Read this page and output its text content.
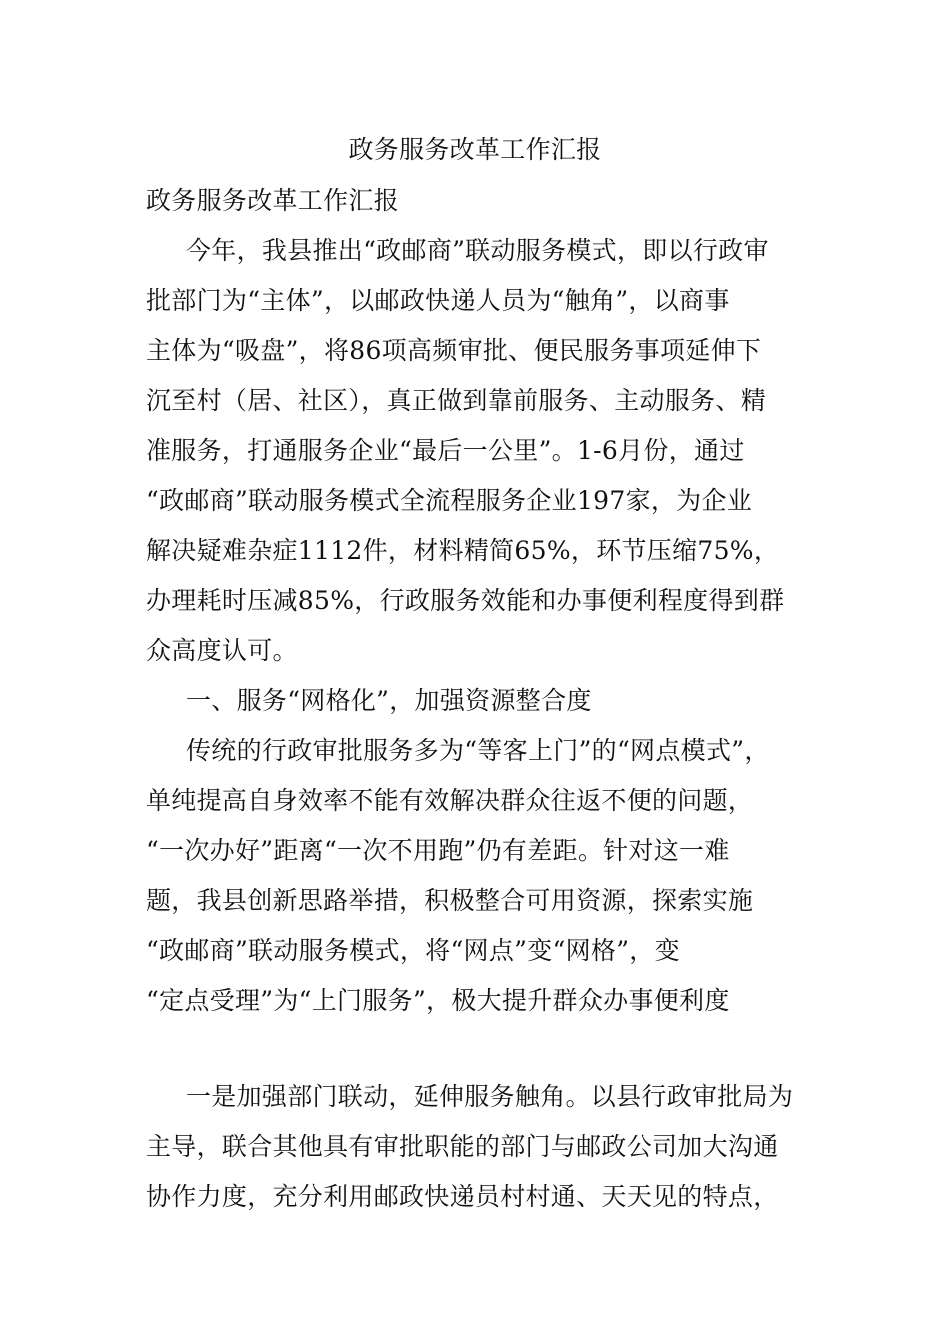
政务服务改革工作汇报
政务服务改革工作汇报
今年，我县推出“政邮商”联动服务模式，即以行政审
批部门为“主体”，以邮政快递人员为“触角”，以商事
主体为“吸盘”，将86项高频审批、便民服务事项延伸下
沉至村（居、社区），真正做到靠前服务、主动服务、精
准服务，打通服务企业“最后一公里”。1-6月份，通过
“政邮商”联动服务模式全流程服务企业197家，为企业
解决疑难杂症1112件，材料精简65%，环节压缩75%，
办理耗时压减85%，行政服务效能和办事便利程度得到群
众高度认可。
一、服务“网格化”，加强资源整合度
传统的行政审批服务多为“等客上门”的“网点模式”，
单纯提高自身效率不能有效解决群众往返不便的问题，
“一次办好”距离“一次不用跑”仍有差距。针对这一难
题，我县创新思路举措，积极整合可用资源，探索实施
“政邮商”联动服务模式，将“网点”变“网格”，变
“定点受理”为“上门服务”，极大提升群众办事便利度
一是加强部门联动，延伸服务触角。以县行政审批局为
主导，联合其他具有审批职能的部门与邮政公司加大沟通
协作力度，充分利用邮政快递员村村通、天天见的特点，
